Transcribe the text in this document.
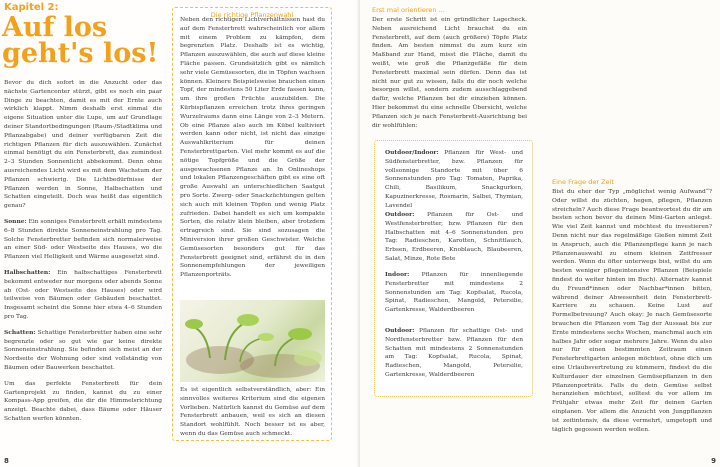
Kapitel 2:
Auf los
geht's los!

Bevor du dich sofort in die Anzucht oder das nächste Gartencenter stürzt, gibt es noch ein paar Dinge zu beachten, damit es mit der Ernte auch wirklich klappt. Nimm deshalb erst einmal die eigene Situation unter die Lupe, um auf Grundlage deiner Standortbedingungen (Raum-/Stadtklima und Pflanzabgabe) und deiner verfügbaren Zeit die richtigen Pflanzen für dich auszuwählen. Zunächst einmal benötigt du ein Fensterbrett, das zumindest 2–3 Stunden Sonnenlicht abbekommt. Denn ohne ausreichendes Licht wird es mit dem Wachstum der Pflanzen schwierig. Die Lichtbedürfnisse der Pflanzen werden in Sonne, Halbschatten und Schatten eingeteilt. Doch was heißt das eigentlich genau?

Sonne: Ein sonniges Fensterbrett erhält mindestens 6–8 Stunden direkte Sonneneinstrahlung pro Tag. Solche Fensterbretter befinden sich normalerweise an einer Süd- oder Westseite des Hauses, wo die Pflanzen viel Helligkeit und Wärme ausgesetzt sind.

Halbschatten: Ein halbschattiges Fensterbrett bekommt entweder nur morgens oder abends Sonne ab (Ost- oder Westseite des Hauses) oder wird teilweise von Bäumen oder Gebäuden beschattet. Insgesamt scheint die Sonne hier etwa 4–6 Stunden pro Tag.

Schatten: Schattige Fensterbretter haben eine sehr begrenzte oder so gut wie gar keine direkte Sonneneinstrahlung. Sie befinden sich meist an der Nordseite der Wohnung oder sind vollständig von Bäumen oder Bauwerken beschattet.

Um das perfekte Fensterbrett für dein Gartenprojekt zu finden, kannst du zu einer Kompass-App greifen, die dir die Himmelsrichtung anzeigt. Beachte dabei, dass Bäume oder Häuser Schatten werfen könnten.

Die richtige Pflanzenwahl
Neben den richtigen Lichtverhältnissen hast du auf dem Fensterbrett wahrscheinlich vor allem mit einem Problem zu kämpfen, dem begrenzten Platz. Deshalb ist es wichtig, Pflanzen auszuwählen, die auch auf diese kleine Fläche passen. Grundsätzlich gibt es nämlich sehr viele Gemüsesorten, die in Töpfen wachsen können. Kleinere Beispielsweise brauchen einen Topf, der mindestens 50 Liter Erde fassen kann, um ihre großen Früchte auszubilden. Die Kürbispflanzen erreichen trotz ihres geringen Wurzelraums dann eine Länge von 2–3 Metern. Ob eine Pflanze also auch im Kübel kultiviert werden kann oder nicht, ist nicht das einzige Auswahlkriterium für deinen Fensterbrettgarten. Viel mehr kommt es auf die nötige Topfgröße und die Größe der ausgewachsenen Pflanze an. In Onlineshops und lokalen Pflanzengeschäften gibt es eine oft große Auswahl an unterschiedlichen Saatgut pro Sorte. Zwerg- oder Snackzüchtungen gelten sich auch mit kleinen Töpfen und wenig Platz zufrieden. Dabei handelt es sich um kompakte Sorten, die relativ klein bleiben, aber trotzdem ertragreich sind. Sie sind sozusagen die Miniversion ihrer großen Geschwister. Welche Gemüsesorten besonders gut für das Fensterbrett geeignet sind, erfährst du in den Sonnenempfehlungen der jeweiligen Pflanzenporträts.
Es ist eigentlich selbstverständlich, aber: Ein sinnvolles weiteres Kriterium sind die eigenen Vorlieben. Natürlich kannst du Gemüse auf dem Fensterbrett anbauen, weil es sich an diesen Standort wohlfühlt. Noch besser ist es aber, wenn du das Gemüse auch schmeckt.
8
Erst mal orientieren ...
Der erste Schritt ist ein gründlicher Lagecheck. Neben ausreichend Licht brauchst du ein Fensterbrett, auf dem (auch größere) Töpfe Platz finden. Am besten nimmst du zum kurz ein Maßband zur Hand, misst die Fläche, damit du weißt, wie groß die Pflanzgefäße für dein Fensterbrett maximal sein dürfen. Denn das ist nicht nur gut zu wissen, falls du dir noch welche besorgen willst, sondern zudem ausschlaggebend dafür, welche Pflanzen bei dir einziehen können. Hier bekommst du eine schnelle Übersicht, welche Pflanzen sich je nach Fensterbrett-Ausrichtung bei dir wohlfühlen:
Outdoor/Indoor: Pflanzen für West- und Südfensterbretter, bzw. Pflanzen für vollsonnige Standorte mit über 6 Sonnenstunden pro Tag: Tomaten, Paprika, Chili, Basilikum, Snackgurken, Kapuzinerkresse, Rosmarin, Salbei, Thymian, Lavendel
Outdoor: Pflanzen für Ost- und Westfensterbretter, bzw. Pflanzen für den Halbschatten mit 4–6 Sonnenstunden pro Tag: Radieschen, Karotten, Schnittlauch, Erbsen, Erdbeeren, Knoblauch, Blaubeeren, Salat, Minze, Rote Bete
Indoor: Pflanzen für innenliegende Fensterbretter mit mindestens 2 Sonnenstunden am Tag: Kopfsalat, Rucola, Spinat, Radieschen, Mangold, Petersilie, Gartenkresse, Walderdbeeren
Outdoor: Pflanzen für schattige Ost- und Nordfensterbretter bzw. Pflanzen für den Schatten mit mindestens 2 Sonnenstunden am Tag: Kopfsalat, Rucola, Spinat, Radieschen, Mangold, Petersilie, Gartenkresse, Walderdbeeren
Eine Frage der Zeit
Bist du eher der Typ „möglichst wenig Aufwand“? Oder willst du züchten, hegen, pflegen, Pflanzen streicheln? Auch diese Frage beantwortest du dir am besten schon bevor du deinen Mini-Garten anlegst. Wie viel Zeit kannst und möchtest du investieren? Denn nicht nur das regelmäßige Gießen nimmt Zeit in Anspruch, auch die Pflanzenpflege kann je nach Pflanzenauswahl zu einem kleinen Zeitfresser werden. Wenn du öfter unterwegs bist, willst du am besten weniger pflegeintensive Pflanzen (Beispiele findest du weiter hinten im Buch). Alternativ kannst du Freund*innen oder Nachbar*innen bitten, während deiner Abwesenheit dein Fensterbrett-Karriere zu schauen. Keine Lust auf Formelbetreuung? Auch okay: Je nach Gemüsesorte brauchen die Pflanzen vom Tag der Aussaat bis zur Ernte mindestens sechs Wochen, manchmal auch ein halbes Jahr oder sogar mehrere Jahre. Wenn du also nur für einen bestimmten Zeitraum einen Fensterbrettgarten anlegen möchtest, ohne dich um eine Urlaubsvertretung zu kümmern, findest du die Kulturdauer der einzelnen Gemüsepflanzen in den Pflanzenporträts. Falls du dein Gemüse selbst heranziehen möchtest, solltest du vor allem im Frühjahr etwas mehr Zeit für deinen Garten einplanen. Vor allem die Anzucht von Jungpflanzen ist zeitintensiv, da diese vermehrt, umgetopft und täglich gegossen werden wollen.
9
